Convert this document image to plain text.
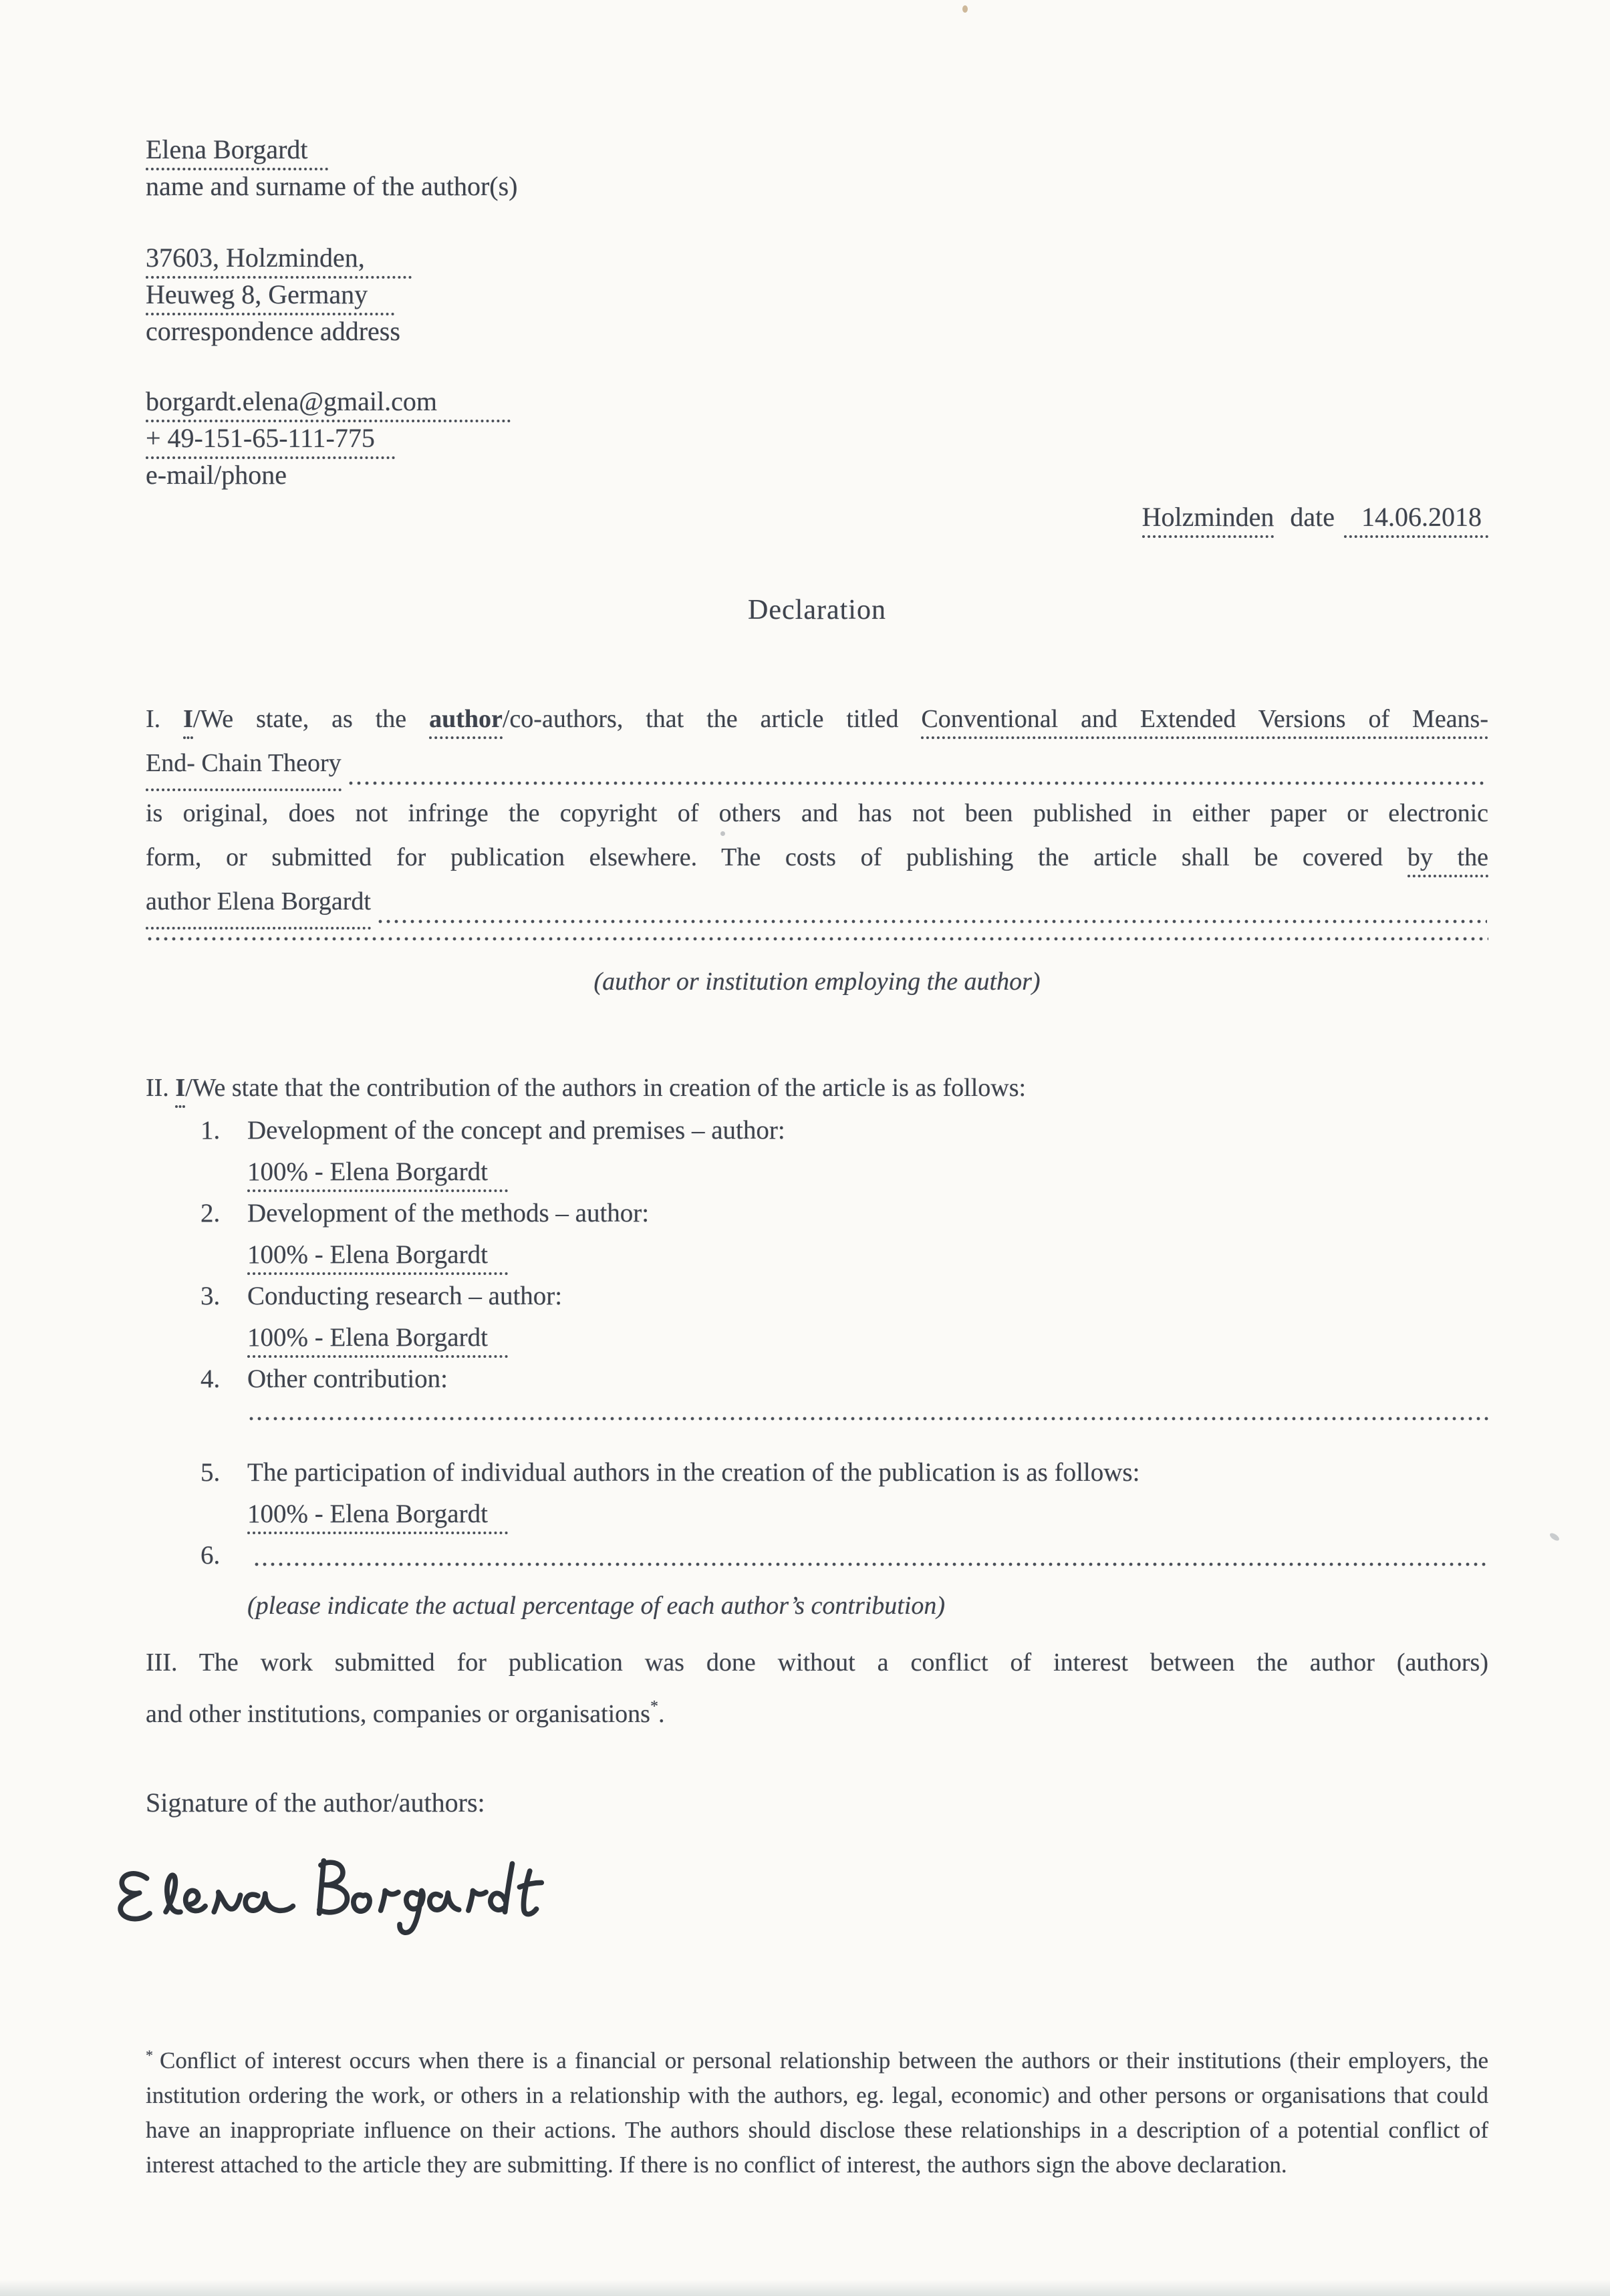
Elena Borgardt
name and surname of the author(s)
37603, Holzminden,
Heuweg 8, Germany
correspondence address
borgardt.elena@gmail.com
+ 49-151-65-111-775
e-mail/phone
Holzminden date 14.06.2018
Declaration
I. I/We state, as the author/co-authors, that the article titled Conventional and Extended Versions of Means-
End- Chain Theory
is original, does not infringe the copyright of others and has not been published in either paper or electronic
form, or submitted for publication elsewhere. The costs of publishing the article shall be covered by the
author Elena Borgardt
(author or institution employing the author)
II. I/We state that the contribution of the authors in creation of the article is as follows:
1.	Development of the concept and premises – author:
100% - Elena Borgardt
2.	Development of the methods – author:
100% - Elena Borgardt
3.	Conducting research – author:
100% - Elena Borgardt
4.	Other contribution:
5.	The participation of individual authors in the creation of the publication is as follows:
100% - Elena Borgardt
6.
(please indicate the actual percentage of each author’s contribution)
III. The work submitted for publication was done without a conflict of interest between the author (authors)
and other institutions, companies or organisations*.
Signature of the author/authors:
* Conflict of interest occurs when there is a financial or personal relationship between the authors or their institutions (their employers, the institution ordering the work, or others in a relationship with the authors, eg. legal, economic) and other persons or organisations that could have an inappropriate influence on their actions. The authors should disclose these relationships in a description of a potential conflict of interest attached to the article they are submitting. If there is no conflict of interest, the authors sign the above declaration.
